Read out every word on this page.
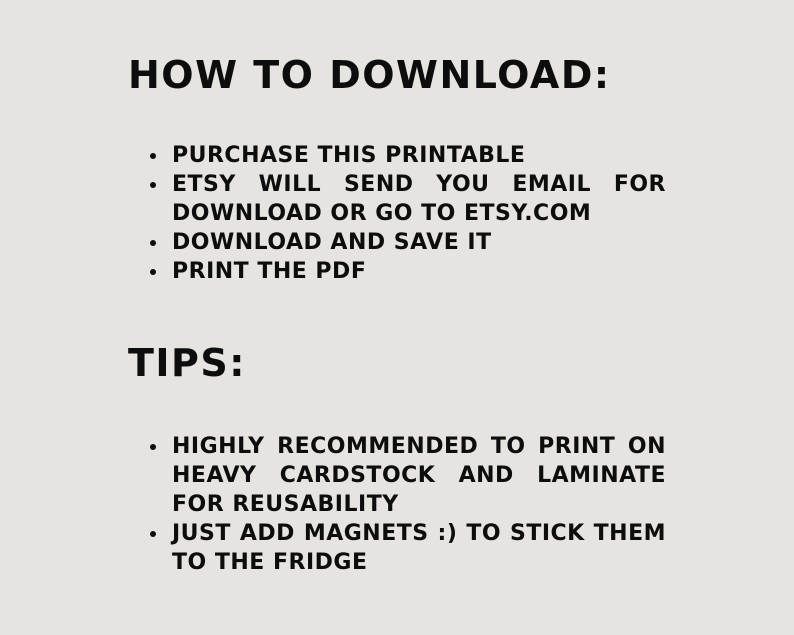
HOW TO DOWNLOAD:
PURCHASE THIS PRINTABLE
ETSY WILL SEND YOU EMAIL FOR DOWNLOAD OR GO TO ETSY.COM
DOWNLOAD AND SAVE IT
PRINT THE PDF
TIPS:
HIGHLY RECOMMENDED TO PRINT ON HEAVY CARDSTOCK AND LAMINATE FOR REUSABILITY
JUST ADD MAGNETS :) TO STICK THEM TO THE FRIDGE
